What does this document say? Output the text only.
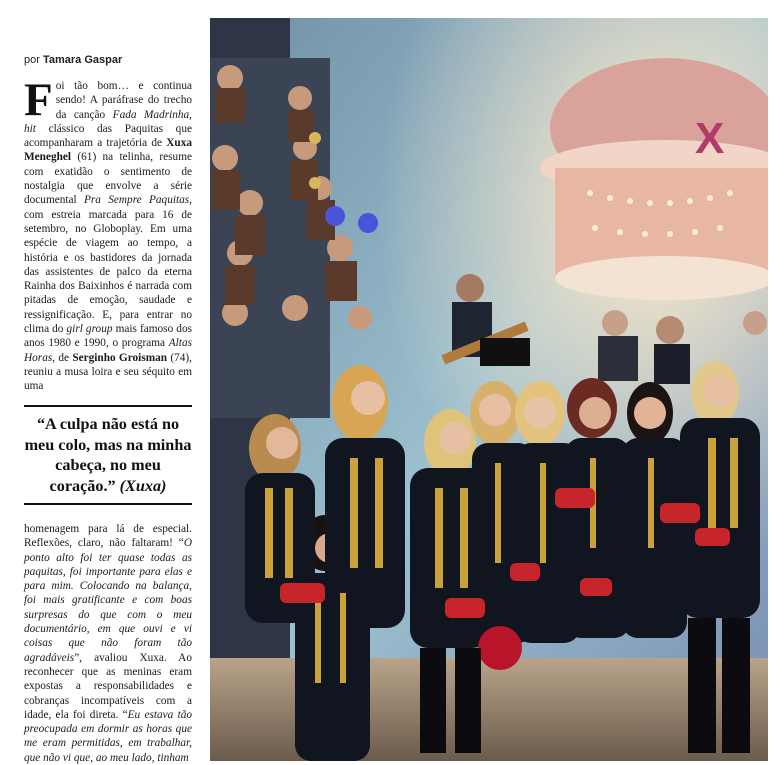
por Tamara Gaspar

Foi tão bom… e continua sendo! A paráfrase do trecho da canção Fada Madrinha, hit clássico das Paquitas que acompanharam a trajetória de Xuxa Meneghel (61) na telinha, resume com exatidão o sentimento de nostalgia que envolve a série documental Pra Sempre Paquitas, com estreia marcada para 16 de setembro, no Globoplay. Em uma espécie de viagem ao tempo, a história e os bastidores da jornada das assistentes de palco da eterna Rainha dos Baixinhos é narrada com pitadas de emoção, saudade e ressignificação. E, para entrar no clima do girl group mais famoso dos anos 1980 e 1990, o programa Altas Horas, de Serginho Groisman (74), reuniu a musa loira e seu séquito em uma

“A culpa não está no meu colo, mas na minha cabeça, no meu coração.” (Xuxa)

homenagem para lá de especial. Reflexões, claro, não faltaram! “O ponto alto foi ter quase todas as paquitas, foi importante para elas e para mim. Colocando na balança, foi mais gratificante e com boas surpresas do que com o meu documentário, em que ouvi e vi coisas que não foram tão agradáveis”, avaliou Xuxa. Ao reconhecer que as meninas eram expostas a responsabilidades e cobranças incompatíveis com a idade, ela foi direta. “Eu estava tão preocupada em dormir as horas que me eram permitidas, em trabalhar, que não vi que, ao meu lado, tinham

X
